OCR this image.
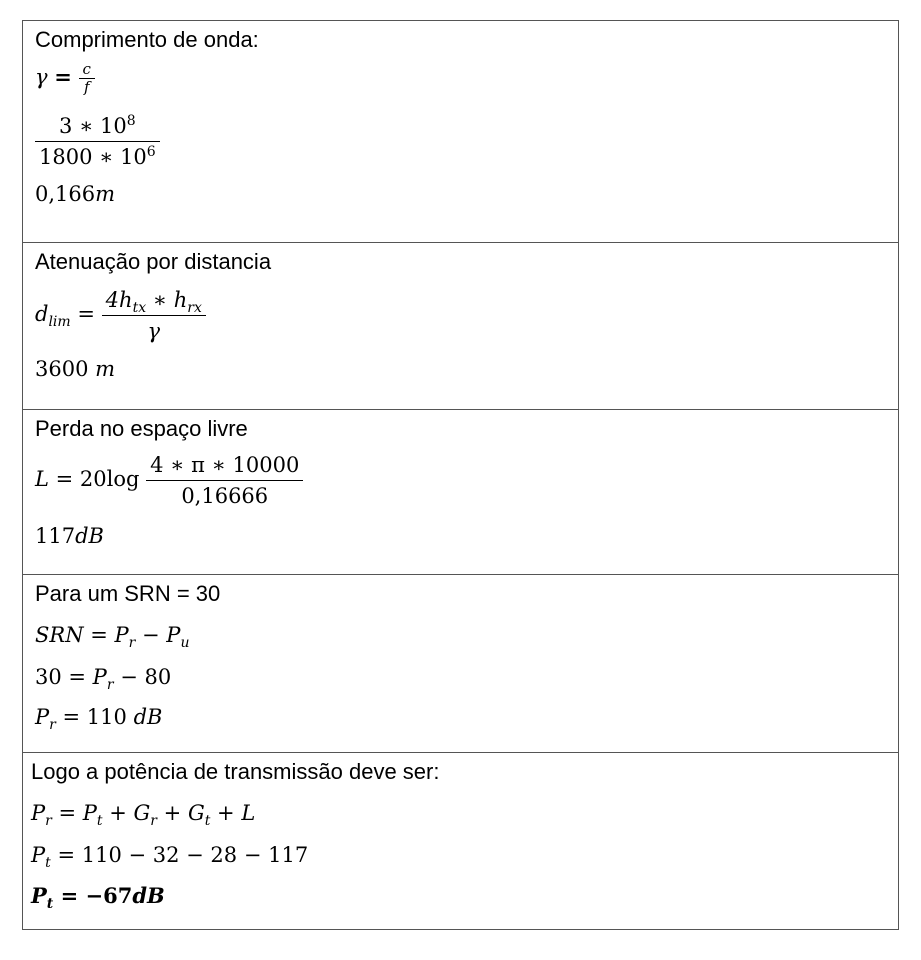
Comprimento de onda:
$\gamma = \frac{c}{f}$
$\frac{3 ∗ 10^8}{1800 ∗ 10^6}$
0,166m
Atenuação por distancia
$d_{lim} = \frac{4h_{tx} ∗ h_{rx}}{\gamma}$
3600 m
Perda no espaço livre
$L = 20\log \frac{4 ∗ \pi ∗ 10000}{0,16666}$
117dB
Para um SRN = 30
SRN = $P_r - P_u$
$30 = P_r - 80$
$P_r = 110$ dB
Logo a potência de transmissão deve ser:
$P_r = P_t + G_r + G_t + L$
$P_t = 110 - 32 - 28 - 117$
$P_t = -67dB$
